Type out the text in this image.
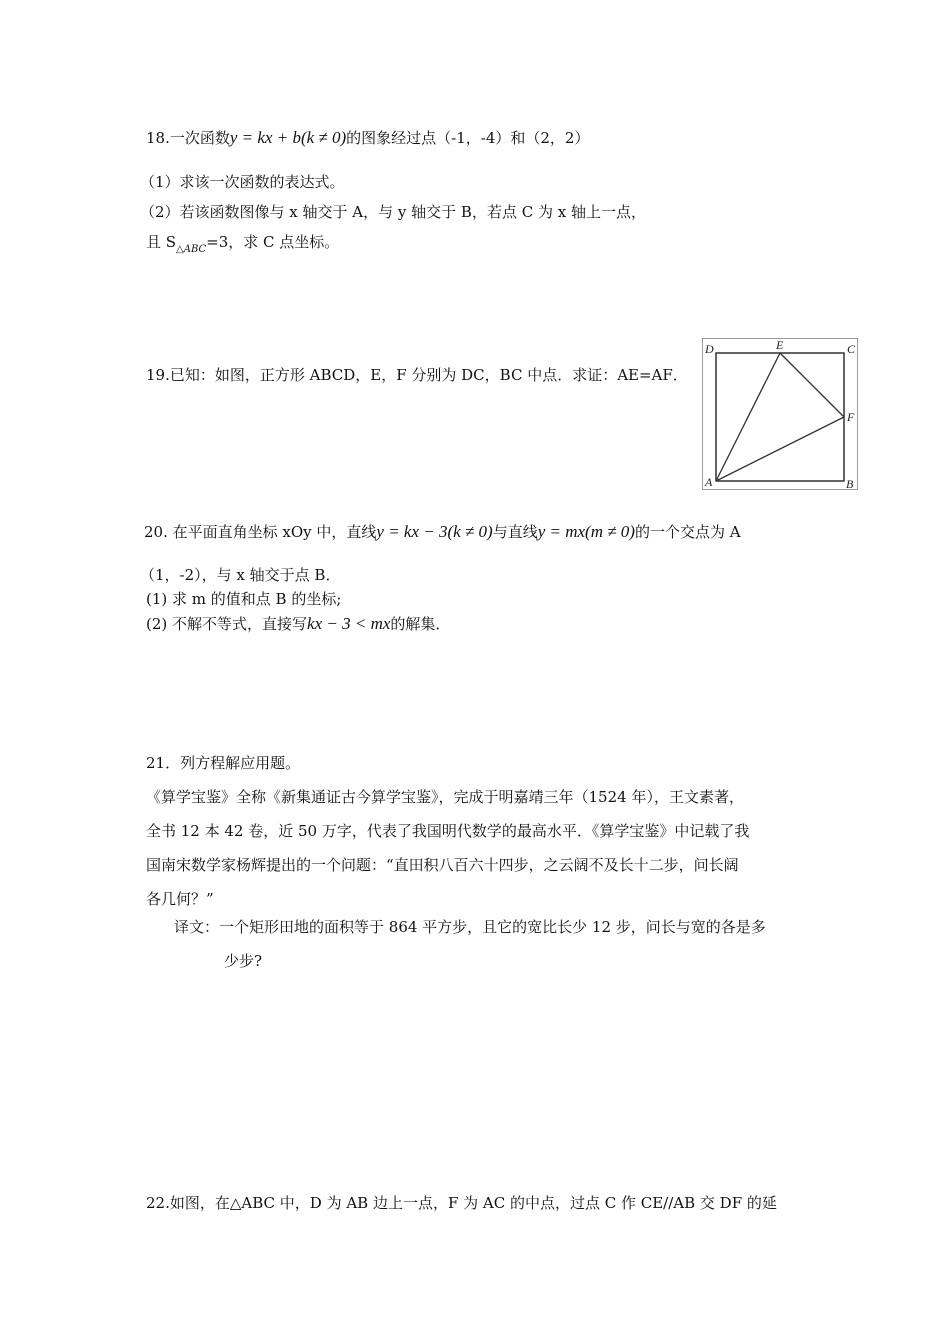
18.一次函数y = kx + b(k ≠ 0)的图象经过点（-1，-4）和（2，2）
（1）求该一次函数的表达式。
（2）若该函数图像与 x 轴交于 A，与 y 轴交于 B，若点 C 为 x 轴上一点，
且 $S_{\triangle ABC}=3$，求 C 点坐标。
19.已知：如图，正方形 ABCD，E，F 分别为 DC，BC 中点．求证：AE=AF．
D	E	C
F
A	B
20. 在平面直角坐标 xOy 中，直线y = kx − 3(k ≠ 0)与直线y = mx(m ≠ 0)的一个交点为 A
（1，-2），与 x 轴交于点 B．
(1) 求 m 的值和点 B 的坐标;
(2) 不解不等式，直接写kx − 3 < mx的解集．
21．列方程解应用题。
《算学宝鉴》全称《新集通证古今算学宝鉴》，完成于明嘉靖三年（1524 年），王文素著，
全书 12 本 42 卷，近 50 万字，代表了我国明代数学的最高水平．《算学宝鉴》中记载了我
国南宋数学家杨辉提出的一个问题：“直田积八百六十四步，之云阔不及长十二步，问长阔
各几何？”
译文：一个矩形田地的面积等于 864 平方步，且它的宽比长少 12 步，问长与宽的各是多
少步?
22.如图，在△ABC 中，D 为 AB 边上一点，F 为 AC 的中点，过点 C 作 CE//AB 交 DF 的延
